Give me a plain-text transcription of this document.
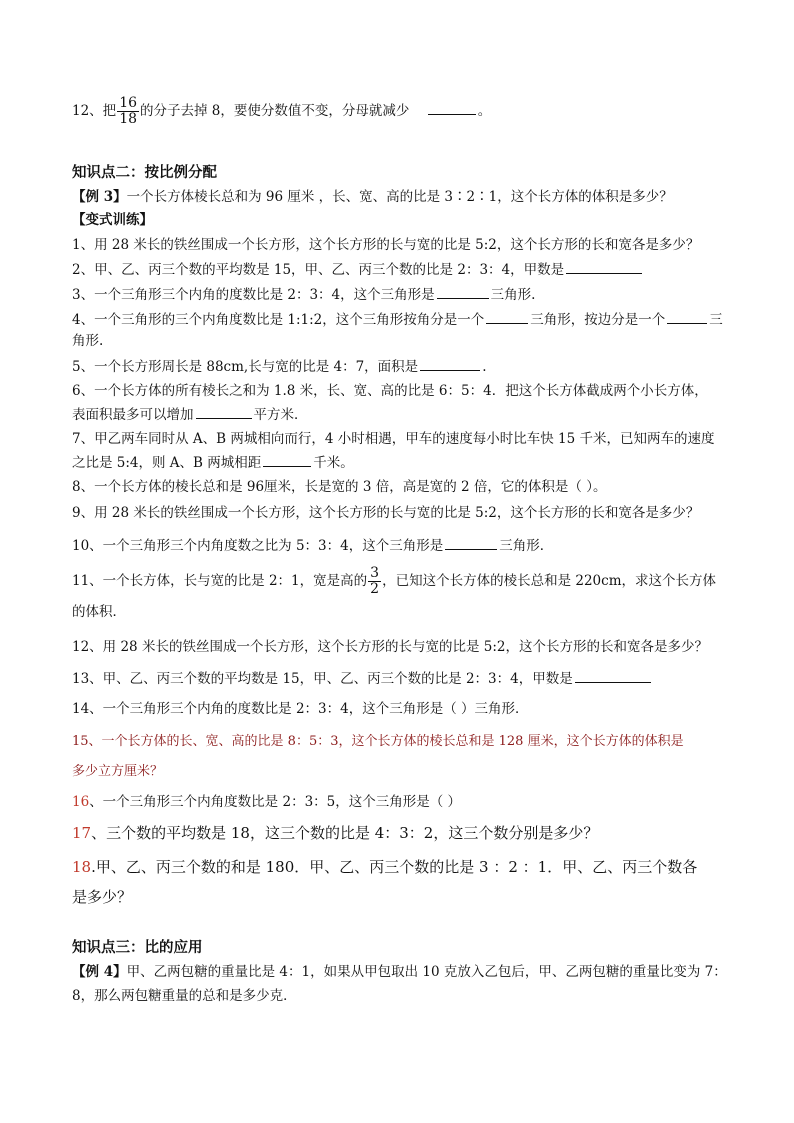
12、把 $\frac{16}{18}$ 的分子去掉 8，要使分数值不变，分母就减少	。
知识点二：按比例分配
【例 3】一个长方体棱长总和为 96 厘米 ，长、宽、高的比是 3∶2∶1，这个长方体的体积是多少？
【变式训练】
1、用 28 米长的铁丝围成一个长方形，这个长方形的长与宽的比是 5:2，这个长方形的长和宽各是多少？
2、甲、乙、丙三个数的平均数是 15，甲、乙、丙三个数的比是 2：3：4，甲数是
3、一个三角形三个内角的度数比是 2：3：4，这个三角形是	三角形.
4、一个三角形的三个内角度数比是 1:1:2，这个三角形按角分是一个	三角形，按边分是一个	三
角形.
5、一个长方形周长是 88cm,长与宽的比是 4：7，面积是	.
6、一个长方体的所有棱长之和为 1.8 米，长、宽、高的比是 6：5：4．把这个长方体截成两个小长方体，
表面积最多可以增加	平方米．
7、甲乙两车同时从 A、B 两城相向而行，4 小时相遇，甲车的速度每小时比车快 15 千米，已知两车的速度
之比是 5:4，则 A、B 两城相距	千米。
8、一个长方体的棱长总和是 96厘米，长是宽的 3 倍，高是宽的 2 倍，它的体积是（ ）。
9、用 28 米长的铁丝围成一个长方形，这个长方形的长与宽的比是 5:2，这个长方形的长和宽各是多少？
10、一个三角形三个内角度数之比为 5：3：4，这个三角形是	三角形．
11、一个长方体，长与宽的比是 2：1，宽是高的 $\frac{3}{2}$ ，已知这个长方体的棱长总和是 220cm，求这个长方体
的体积．
12、用 28 米长的铁丝围成一个长方形，这个长方形的长与宽的比是 5:2，这个长方形的长和宽各是多少？
13、甲、乙、丙三个数的平均数是 15，甲、乙、丙三个数的比是 2：3：4，甲数是
14、一个三角形三个内角的度数比是 2：3：4，这个三角形是（ ）三角形．
15、一个长方体的长、宽、高的比是 8：5：3，这个长方体的棱长总和是 128 厘米，这个长方体的体积是
多少立方厘米？
16、一个三角形三个内角度数比是 2：3：5，这个三角形是（ ）
17、三个数的平均数是 18，这三个数的比是 4：3：2，这三个数分别是多少？
18.甲、乙、丙三个数的和是 180．甲、乙、丙三个数的比是 3 ：2 ：1．甲、乙、丙三个数各
是多少？
知识点三：比的应用
【例 4】甲、乙两包糖的重量比是 4：1，如果从甲包取出 10 克放入乙包后，甲、乙两包糖的重量比变为 7：
8，那么两包糖重量的总和是多少克．
